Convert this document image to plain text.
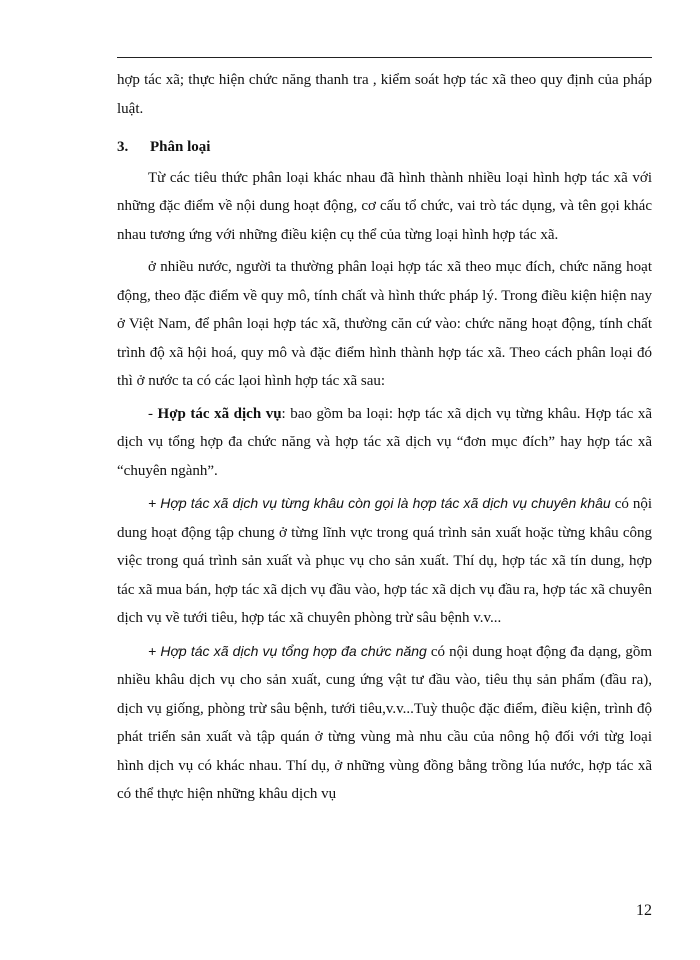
hợp tác xã; thực hiện chức năng thanh tra , kiểm soát hợp tác xã theo quy định của pháp luật.

3. Phân loại

Từ các tiêu thức phân loại khác nhau đã hình thành nhiều loại hình hợp tác xã với những đặc điểm về nội dung hoạt động, cơ cấu tổ chức, vai trò tác dụng, và tên gọi khác nhau tương ứng với những điều kiện cụ thể của từng loại hình hợp tác xã.

ở nhiều nước, người ta thường phân loại hợp tác xã theo mục đích, chức năng hoạt động, theo đặc điểm về quy mô, tính chất và hình thức pháp lý. Trong điều kiện hiện nay ở Việt Nam, để phân loại hợp tác xã, thường căn cứ vào: chức năng hoạt động, tính chất trình độ xã hội hoá, quy mô và đặc điểm hình thành hợp tác xã. Theo cách phân loại đó thì ở nước ta có các lạoi hình hợp tác xã sau:

- Hợp tác xã dịch vụ: bao gồm ba loại: hợp tác xã dịch vụ từng khâu. Hợp tác xã dịch vụ tổng hợp đa chức năng và hợp tác xã dịch vụ “đơn mục đích” hay hợp tác xã “chuyên ngành”.

+ Hợp tác xã dịch vụ từng khâu còn gọi là hợp tác xã dịch vụ chuyên khâu có nội dung hoạt động tập chung ở từng lĩnh vực trong quá trình sản xuất hoặc từng khâu công việc trong quá trình sản xuất và phục vụ cho sản xuất. Thí dụ, hợp tác xã tín dung, hợp tác xã mua bán, hợp tác xã dịch vụ đầu vào, hợp tác xã dịch vụ đầu ra, hợp tác xã chuyên dịch vụ về tưới tiêu, hợp tác xã chuyên phòng trừ sâu bệnh v.v...

+ Hợp tác xã dịch vụ tổng hợp đa chức năng có nội dung hoạt động đa dạng, gồm nhiều khâu dịch vụ cho sản xuất, cung ứng vật tư đầu vào, tiêu thụ sản phẩm (đầu ra), dịch vụ giống, phòng trừ sâu bệnh, tưới tiêu,v.v...Tuỳ thuộc đặc điểm, điều kiện, trình độ phát triển sản xuất và tập quán ở từng vùng mà nhu cầu của nông hộ đối với từg loại hình dịch vụ có khác nhau. Thí dụ, ở những vùng đồng bằng trồng lúa nước, hợp tác xã có thể thực hiện những khâu dịch vụ

12
